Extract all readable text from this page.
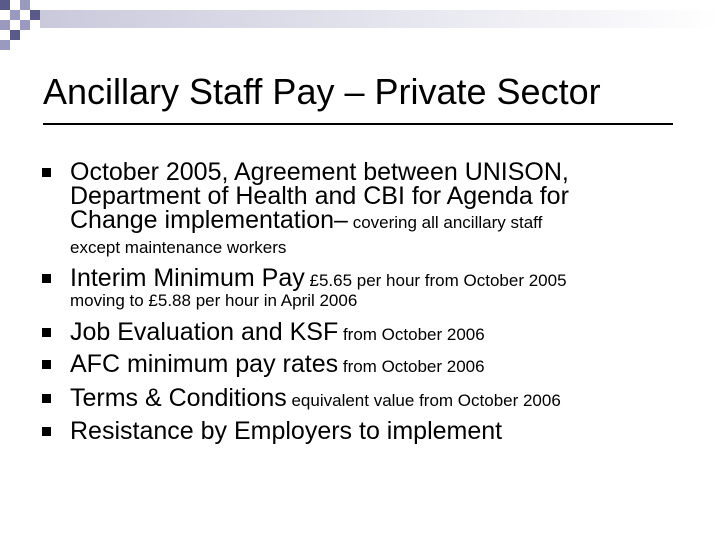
Ancillary Staff Pay – Private Sector
October 2005, Agreement between UNISON,
Department of Health and CBI for Agenda for
Change implementation– covering all ancillary staff
except maintenance workers
Interim Minimum Pay £5.65 per hour from October 2005
moving to £5.88 per hour in April 2006
Job Evaluation and KSF from October 2006
AFC minimum pay rates from October 2006
Terms & Conditions equivalent value from October 2006
Resistance by Employers to implement
